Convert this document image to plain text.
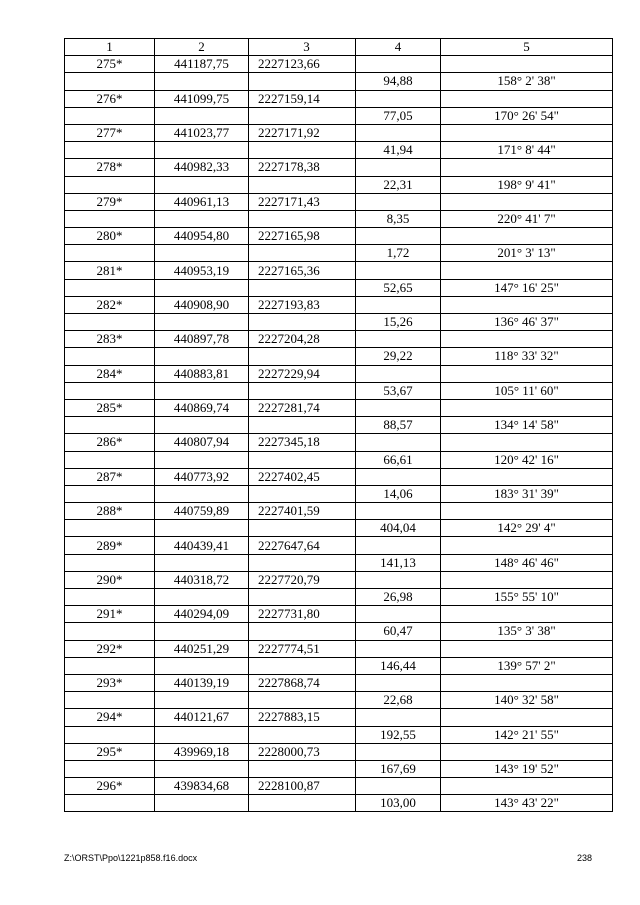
1	2	3	4	5
275*	441187,75	2227123,66		
			94,88	158° 2' 38"
276*	441099,75	2227159,14		
			77,05	170° 26' 54"
277*	441023,77	2227171,92		
			41,94	171° 8' 44"
278*	440982,33	2227178,38		
			22,31	198° 9' 41"
279*	440961,13	2227171,43		
			8,35	220° 41' 7"
280*	440954,80	2227165,98		
			1,72	201° 3' 13"
281*	440953,19	2227165,36		
			52,65	147° 16' 25"
282*	440908,90	2227193,83		
			15,26	136° 46' 37"
283*	440897,78	2227204,28		
			29,22	118° 33' 32"
284*	440883,81	2227229,94		
			53,67	105° 11' 60"
285*	440869,74	2227281,74		
			88,57	134° 14' 58"
286*	440807,94	2227345,18		
			66,61	120° 42' 16"
287*	440773,92	2227402,45		
			14,06	183° 31' 39"
288*	440759,89	2227401,59		
			404,04	142° 29' 4"
289*	440439,41	2227647,64		
			141,13	148° 46' 46"
290*	440318,72	2227720,79		
			26,98	155° 55' 10"
291*	440294,09	2227731,80		
			60,47	135° 3' 38"
292*	440251,29	2227774,51		
			146,44	139° 57' 2"
293*	440139,19	2227868,74		
			22,68	140° 32' 58"
294*	440121,67	2227883,15		
			192,55	142° 21' 55"
295*	439969,18	2228000,73		
			167,69	143° 19' 52"
296*	439834,68	2228100,87		
			103,00	143° 43' 22"
Z:\ORST\Ppo\1221p858.f16.docx	238
